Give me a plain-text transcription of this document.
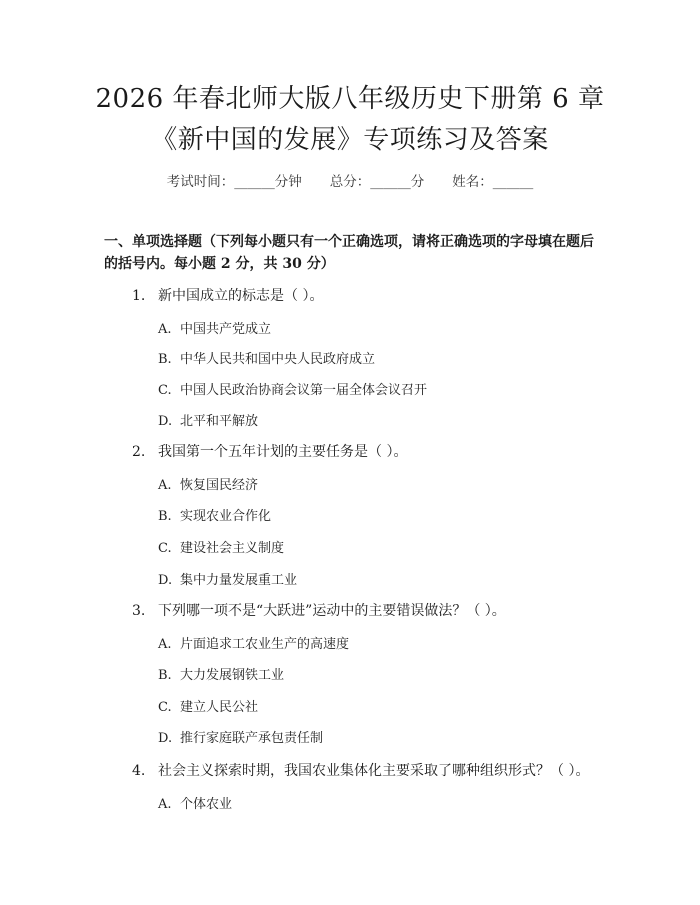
2026 年春北师大版八年级历史下册第 6 章
《新中国的发展》专项练习及答案
考试时间：______分钟 总分：______分 姓名：______
一、单项选择题（下列每小题只有一个正确选项，请将正确选项的字母填在题后的括号内。每小题 2 分，共 30 分）
1. 新中国成立的标志是（ ）。
A. 中国共产党成立
B. 中华人民共和国中央人民政府成立
C. 中国人民政治协商会议第一届全体会议召开
D. 北平和平解放
2. 我国第一个五年计划的主要任务是（ ）。
A. 恢复国民经济
B. 实现农业合作化
C. 建设社会主义制度
D. 集中力量发展重工业
3. 下列哪一项不是“大跃进”运动中的主要错误做法？（ ）。
A. 片面追求工农业生产的高速度
B. 大力发展钢铁工业
C. 建立人民公社
D. 推行家庭联产承包责任制
4. 社会主义探索时期，我国农业集体化主要采取了哪种组织形式？（ ）。
A. 个体农业
